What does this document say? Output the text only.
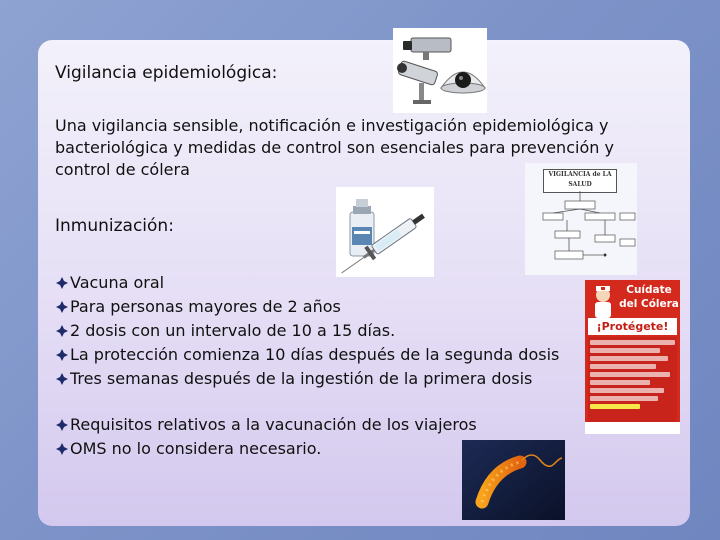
Vigilancia epidemiológica:
Una vigilancia sensible, notificación e investigación epidemiológica y bacteriológica y medidas de control son esenciales para prevención y control de cólera
Inmunización:
Vacuna oral
Para personas mayores de 2 años
2 dosis con un intervalo de 10 a 15 días.
La protección comienza 10 días después de la segunda dosis
Tres semanas después de la ingestión de la primera dosis
Requisitos relativos a la vacunación de los viajeros
OMS no lo considera necesario.
VIGILANCIA de LA SALUD
Cuídate del Cólera
¡Protégete!
